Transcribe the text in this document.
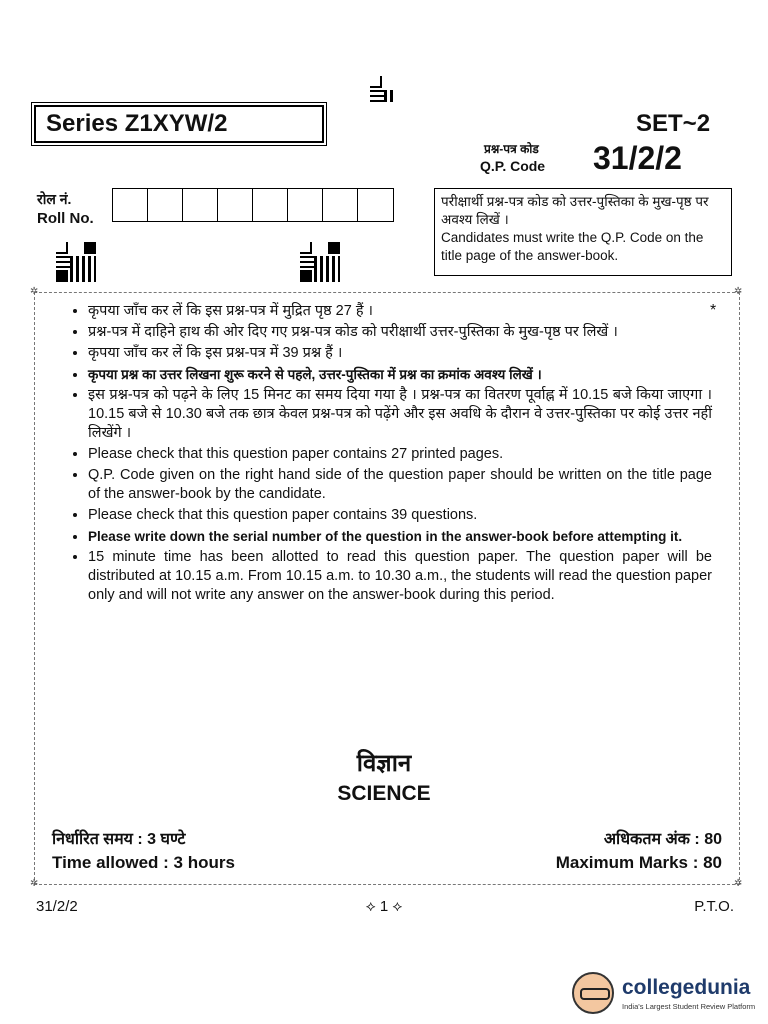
Series Z1XYW/2	SET~2
प्रश्न-पत्र कोड
Q.P. Code 31/2/2
रोल नं.
Roll No.
परीक्षार्थी प्रश्न-पत्र कोड को उत्तर-पुस्तिका के मुख-पृष्ठ पर अवश्य लिखें ।
Candidates must write the Q.P. Code on the title page of the answer-book.
✲	✲
✲	✲
*
• कृपया जाँच कर लें कि इस प्रश्न-पत्र में मुद्रित पृष्ठ 27 हैं ।
• प्रश्न-पत्र में दाहिने हाथ की ओर दिए गए प्रश्न-पत्र कोड को परीक्षार्थी उत्तर-पुस्तिका के मुख-पृष्ठ पर लिखें ।
• कृपया जाँच कर लें कि इस प्रश्न-पत्र में 39 प्रश्न हैं ।
• कृपया प्रश्न का उत्तर लिखना शुरू करने से पहले, उत्तर-पुस्तिका में प्रश्न का क्रमांक अवश्य लिखें ।
• इस प्रश्न-पत्र को पढ़ने के लिए 15 मिनट का समय दिया गया है । प्रश्न-पत्र का वितरण पूर्वाह्न में 10.15 बजे किया जाएगा । 10.15 बजे से 10.30 बजे तक छात्र केवल प्रश्न-पत्र को पढ़ेंगे और इस अवधि के दौरान वे उत्तर-पुस्तिका पर कोई उत्तर नहीं लिखेंगे ।
• Please check that this question paper contains 27 printed pages.
• Q.P. Code given on the right hand side of the question paper should be written on the title page of the answer-book by the candidate.
• Please check that this question paper contains 39 questions.
• Please write down the serial number of the question in the answer-book before attempting it.
• 15 minute time has been allotted to read this question paper. The question paper will be distributed at 10.15 a.m. From 10.15 a.m. to 10.30 a.m., the students will read the question paper only and will not write any answer on the answer-book during this period.
विज्ञान
SCIENCE
निर्धारित समय : 3 घण्टे
Time allowed : 3 hours
अधिकतम अंक : 80
Maximum Marks : 80
31/2/2	⟡ 1 ⟡	P.T.O.
collegedunia
India's Largest Student Review Platform
